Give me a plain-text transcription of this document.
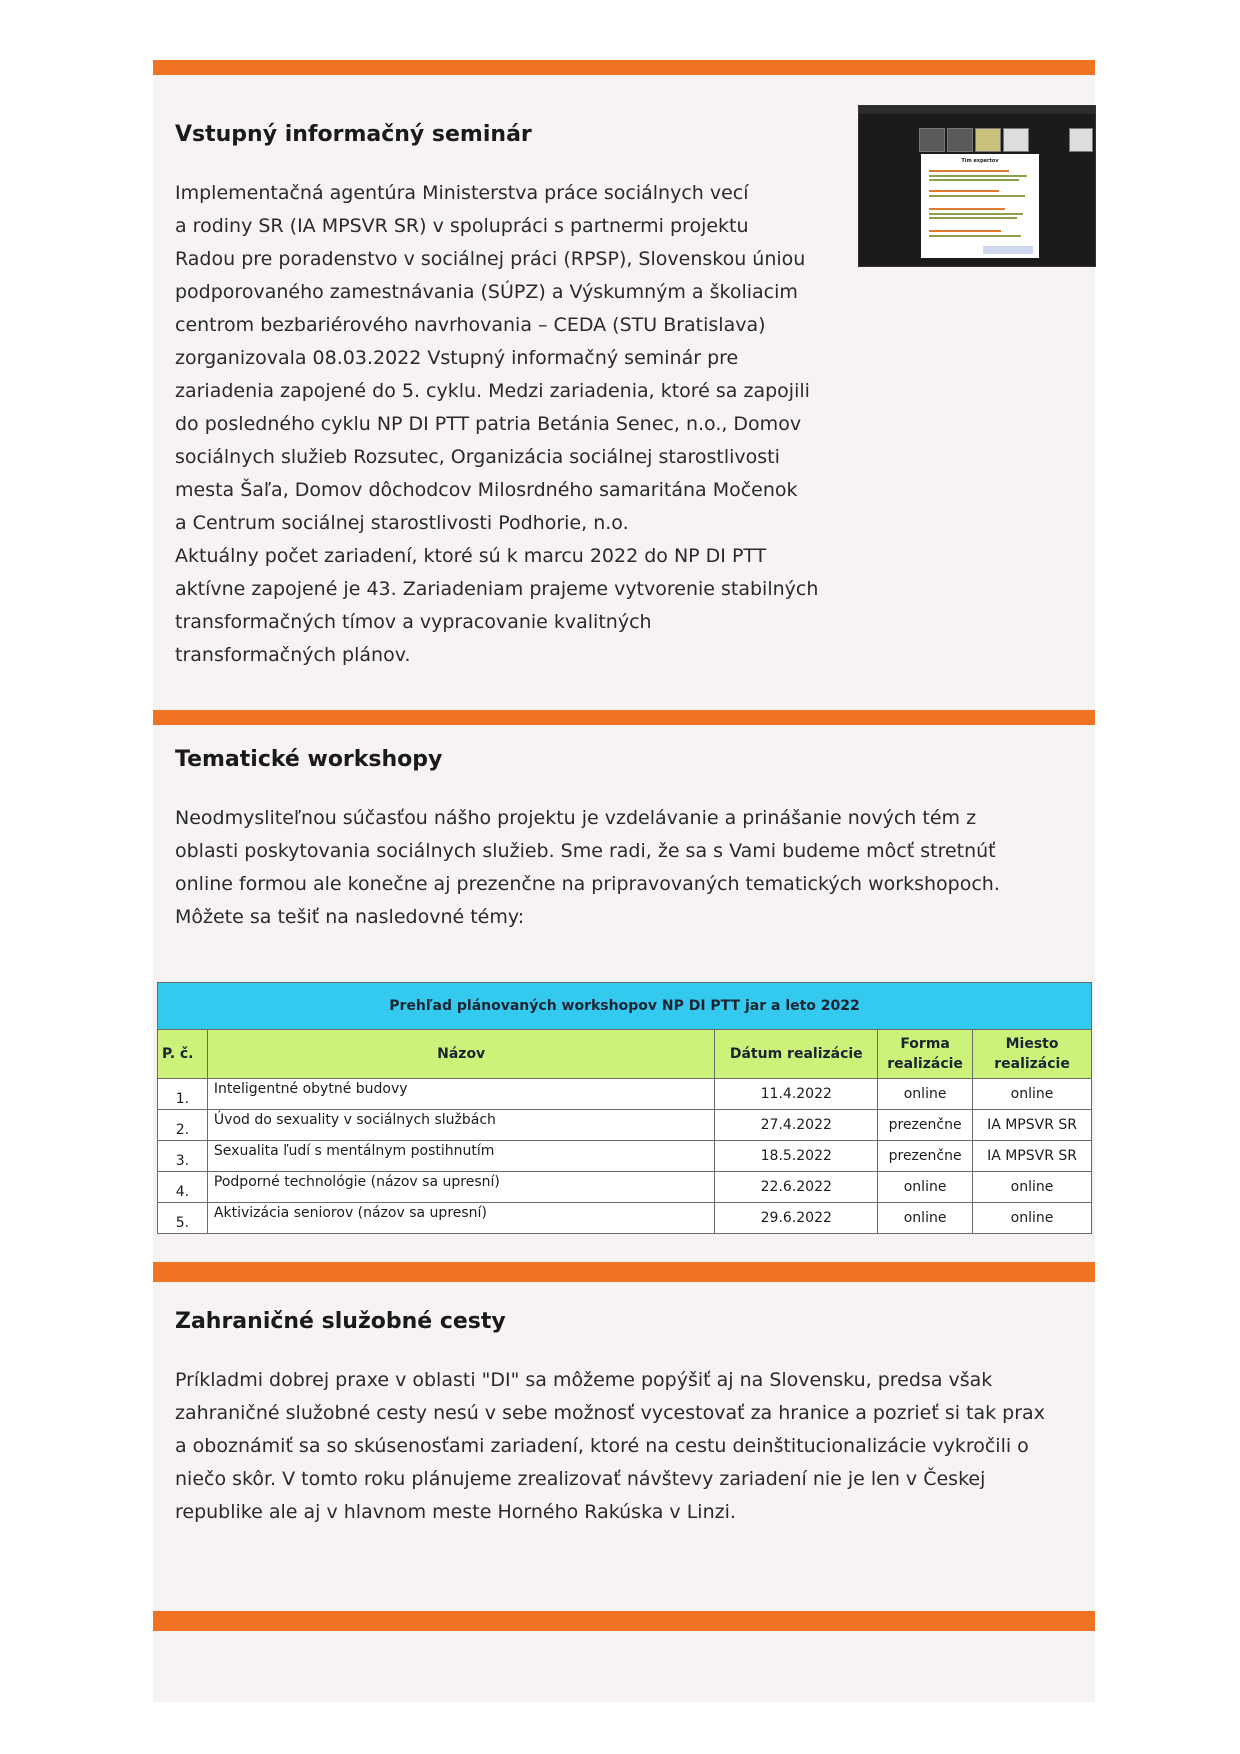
Vstupný informačný seminár

Implementačná agentúra Ministerstva práce sociálnych vecí
a rodiny SR (IA MPSVR SR) v spolupráci s partnermi projektu
Radou pre poradenstvo v sociálnej práci (RPSP), Slovenskou úniou
podporovaného zamestnávania (SÚPZ) a Výskumným a školiacim
centrom bezbariérového navrhovania – CEDA (STU Bratislava)
zorganizovala 08.03.2022 Vstupný informačný seminár pre
zariadenia zapojené do 5. cyklu. Medzi zariadenia, ktoré sa zapojili
do posledného cyklu NP DI PTT patria Betánia Senec, n.o., Domov
sociálnych služieb Rozsutec, Organizácia sociálnej starostlivosti
mesta Šaľa, Domov dôchodcov Milosrdného samaritána Močenok
a Centrum sociálnej starostlivosti Podhorie, n.o.
Aktuálny počet zariadení, ktoré sú k marcu 2022 do NP DI PTT
aktívne zapojené je 43. Zariadeniam prajeme vytvorenie stabilných
transformačných tímov a vypracovanie kvalitných
transformačných plánov.

Tím expertov
Tematické workshopy

Neodmysliteľnou súčasťou nášho projektu je vzdelávanie a prinášanie nových tém z
oblasti poskytovania sociálnych služieb. Sme radi, že sa s Vami budeme môcť stretnúť
online formou ale konečne aj prezenčne na pripravovaných tematických workshopoch.
Môžete sa tešiť na nasledovné témy:

Prehľad plánovaných workshopov NP DI PTT jar a leto 2022				
P. č.	Názov	Dátum realizácie	Forma realizácie	Miesto realizácie
1.	Inteligentné obytné budovy	11.4.2022	online	online
2.	Úvod do sexuality v sociálnych službách	27.4.2022	prezenčne	IA MPSVR SR
3.	Sexualita ľudí s mentálnym postihnutím	18.5.2022	prezenčne	IA MPSVR SR
4.	Podporné technológie (názov sa upresní)	22.6.2022	online	online
5.	Aktivizácia seniorov (názov sa upresní)	29.6.2022	online	online
Zahraničné služobné cesty

Príkladmi dobrej praxe v oblasti "DI" sa môžeme popýšiť aj na Slovensku, predsa však
zahraničné služobné cesty nesú v sebe možnosť vycestovať za hranice a pozrieť si tak prax
a oboznámiť sa so skúsenosťami zariadení, ktoré na cestu deinštitucionalizácie vykročili o
niečo skôr. V tomto roku plánujeme zrealizovať návštevy zariadení nie je len v Českej
republike ale aj v hlavnom meste Horného Rakúska v Linzi.
